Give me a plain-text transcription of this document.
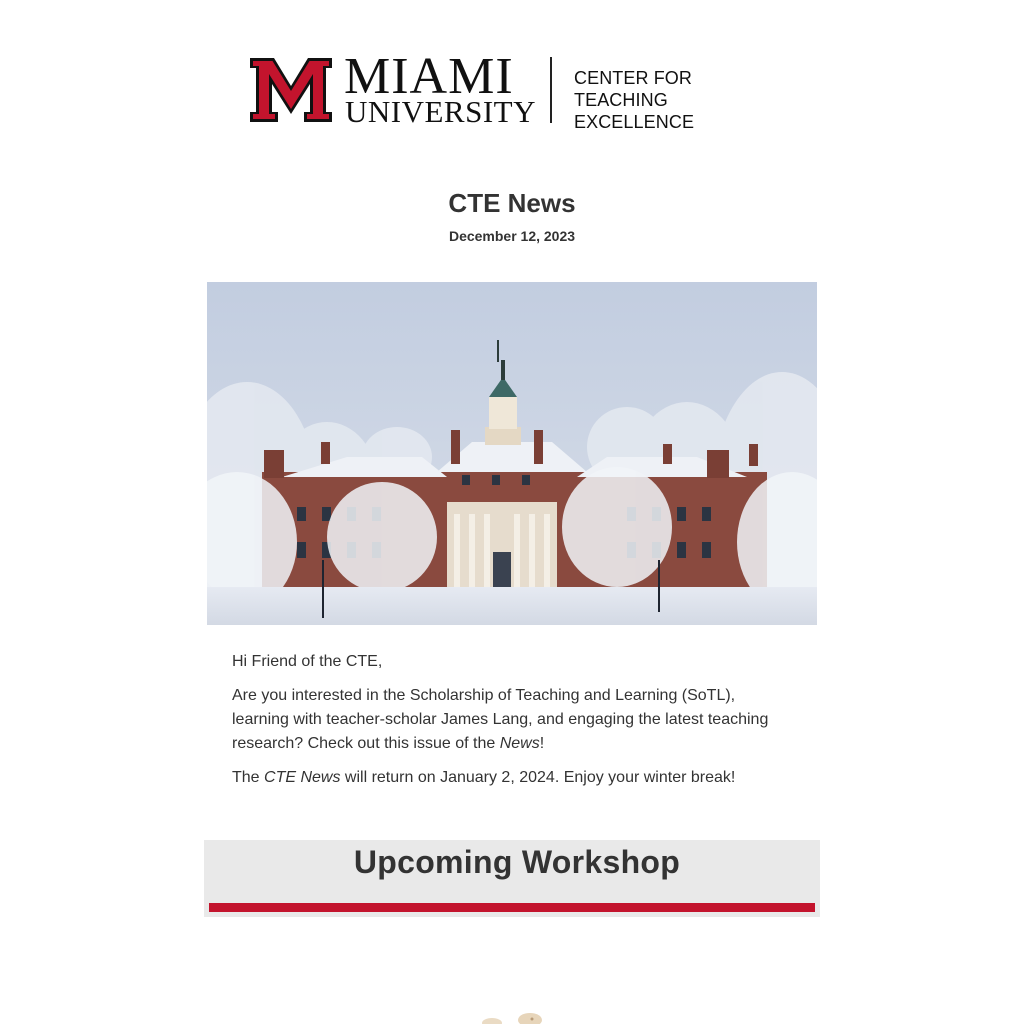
MIAMI
UNIVERSITY
CENTER FOR TEACHING
EXCELLENCE
CTE News
December 12, 2023

Hi Friend of the CTE,

Are you interested in the Scholarship of Teaching and Learning (SoTL), learning with teacher-scholar James Lang, and engaging the latest teaching research? Check out this issue of the News!

The CTE News will return on January 2, 2024. Enjoy your winter break!

Upcoming Workshop
